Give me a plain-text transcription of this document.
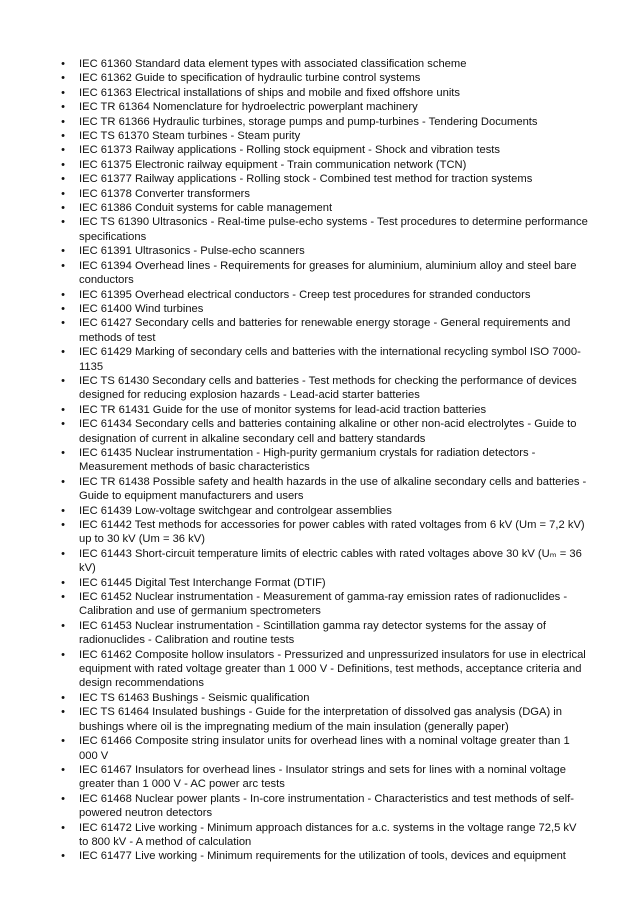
• IEC 61360 Standard data element types with associated classification scheme
• IEC 61362 Guide to specification of hydraulic turbine control systems
• IEC 61363 Electrical installations of ships and mobile and fixed offshore units
• IEC TR 61364 Nomenclature for hydroelectric powerplant machinery
• IEC TR 61366 Hydraulic turbines, storage pumps and pump-turbines - Tendering Documents
• IEC TS 61370 Steam turbines - Steam purity
• IEC 61373 Railway applications - Rolling stock equipment - Shock and vibration tests
• IEC 61375 Electronic railway equipment - Train communication network (TCN)
• IEC 61377 Railway applications - Rolling stock - Combined test method for traction systems
• IEC 61378 Converter transformers
• IEC 61386 Conduit systems for cable management
• IEC TS 61390 Ultrasonics - Real-time pulse-echo systems - Test procedures to determine performance specifications
• IEC 61391 Ultrasonics - Pulse-echo scanners
• IEC 61394 Overhead lines - Requirements for greases for aluminium, aluminium alloy and steel bare conductors
• IEC 61395 Overhead electrical conductors - Creep test procedures for stranded conductors
• IEC 61400 Wind turbines
• IEC 61427 Secondary cells and batteries for renewable energy storage - General requirements and methods of test
• IEC 61429 Marking of secondary cells and batteries with the international recycling symbol ISO 7000-1135
• IEC TS 61430 Secondary cells and batteries - Test methods for checking the performance of devices designed for reducing explosion hazards - Lead-acid starter batteries
• IEC TR 61431 Guide for the use of monitor systems for lead-acid traction batteries
• IEC 61434 Secondary cells and batteries containing alkaline or other non-acid electrolytes - Guide to designation of current in alkaline secondary cell and battery standards
• IEC 61435 Nuclear instrumentation - High-purity germanium crystals for radiation detectors - Measurement methods of basic characteristics
• IEC TR 61438 Possible safety and health hazards in the use of alkaline secondary cells and batteries - Guide to equipment manufacturers and users
• IEC 61439 Low-voltage switchgear and controlgear assemblies
• IEC 61442 Test methods for accessories for power cables with rated voltages from 6 kV (Um = 7,2 kV) up to 30 kV (Um = 36 kV)
• IEC 61443 Short-circuit temperature limits of electric cables with rated voltages above 30 kV (Uₘ = 36 kV)
• IEC 61445 Digital Test Interchange Format (DTIF)
• IEC 61452 Nuclear instrumentation - Measurement of gamma-ray emission rates of radionuclides - Calibration and use of germanium spectrometers
• IEC 61453 Nuclear instrumentation - Scintillation gamma ray detector systems for the assay of radionuclides - Calibration and routine tests
• IEC 61462 Composite hollow insulators - Pressurized and unpressurized insulators for use in electrical equipment with rated voltage greater than 1 000 V - Definitions, test methods, acceptance criteria and design recommendations
• IEC TS 61463 Bushings - Seismic qualification
• IEC TS 61464 Insulated bushings - Guide for the interpretation of dissolved gas analysis (DGA) in bushings where oil is the impregnating medium of the main insulation (generally paper)
• IEC 61466 Composite string insulator units for overhead lines with a nominal voltage greater than 1 000 V
• IEC 61467 Insulators for overhead lines - Insulator strings and sets for lines with a nominal voltage greater than 1 000 V - AC power arc tests
• IEC 61468 Nuclear power plants - In-core instrumentation - Characteristics and test methods of self-powered neutron detectors
• IEC 61472 Live working - Minimum approach distances for a.c. systems in the voltage range 72,5 kV to 800 kV - A method of calculation
• IEC 61477 Live working - Minimum requirements for the utilization of tools, devices and equipment
